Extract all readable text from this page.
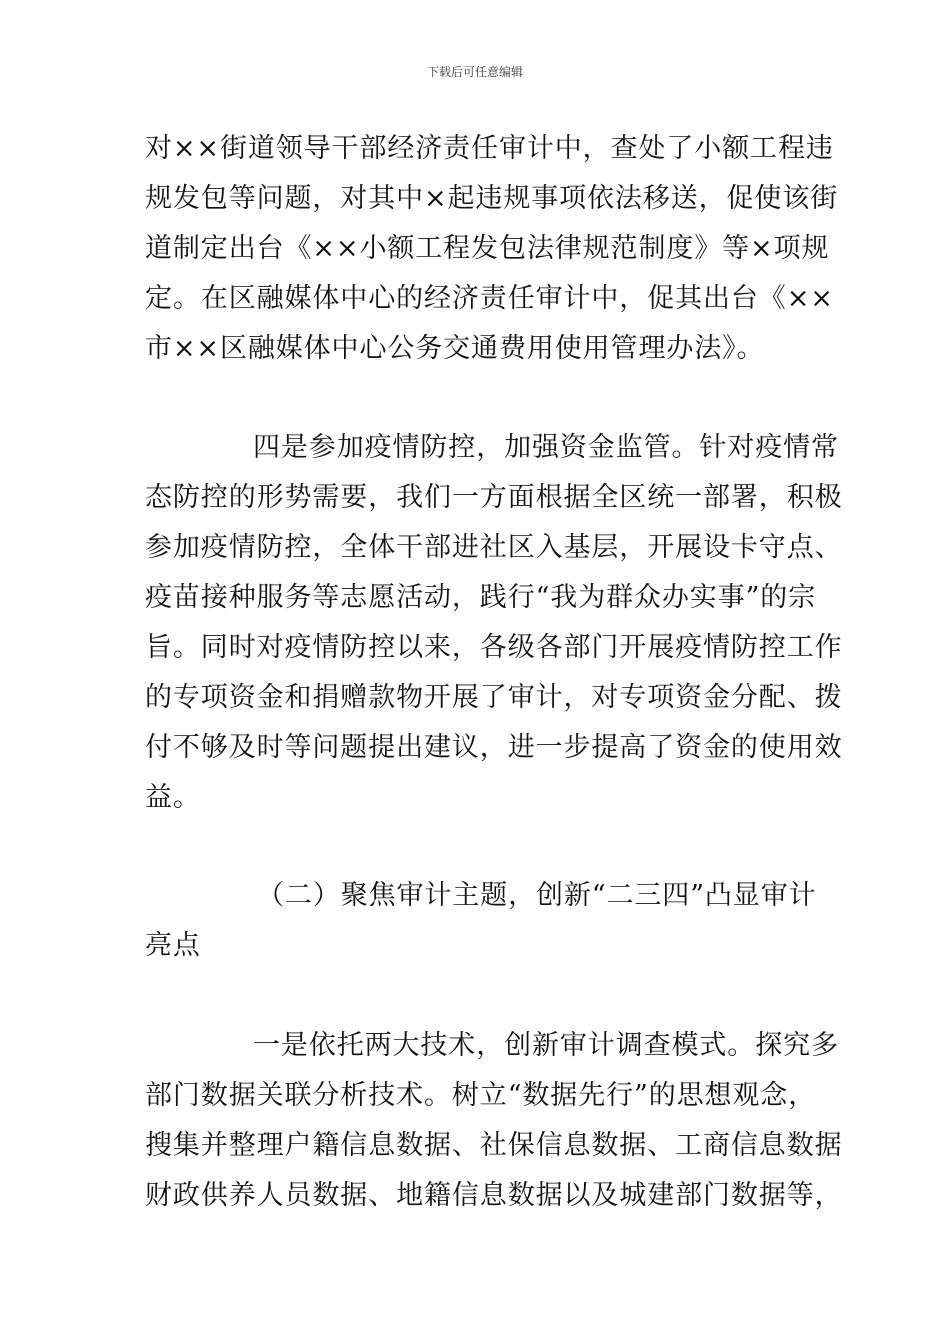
下载后可任意编辑
对××街道领导干部经济责任审计中，查处了小额工程违
规发包等问题，对其中×起违规事项依法移送，促使该街
道制定出台《××小额工程发包法律规范制度》等×项规
定。在区融媒体中心的经济责任审计中，促其出台《××
市××区融媒体中心公务交通费用使用管理办法》。
四是参加疫情防控，加强资金监管。针对疫情常
态防控的形势需要，我们一方面根据全区统一部署，积极
参加疫情防控，全体干部进社区入基层，开展设卡守点、
疫苗接种服务等志愿活动，践行“我为群众办实事”的宗
旨。同时对疫情防控以来，各级各部门开展疫情防控工作
的专项资金和捐赠款物开展了审计，对专项资金分配、拨
付不够及时等问题提出建议，进一步提高了资金的使用效
益。
（二）聚焦审计主题，创新“二三四”凸显审计
亮点
一是依托两大技术，创新审计调查模式。探究多
部门数据关联分析技术。树立“数据先行”的思想观念，
搜集并整理户籍信息数据、社保信息数据、工商信息数据
财政供养人员数据、地籍信息数据以及城建部门数据等，
